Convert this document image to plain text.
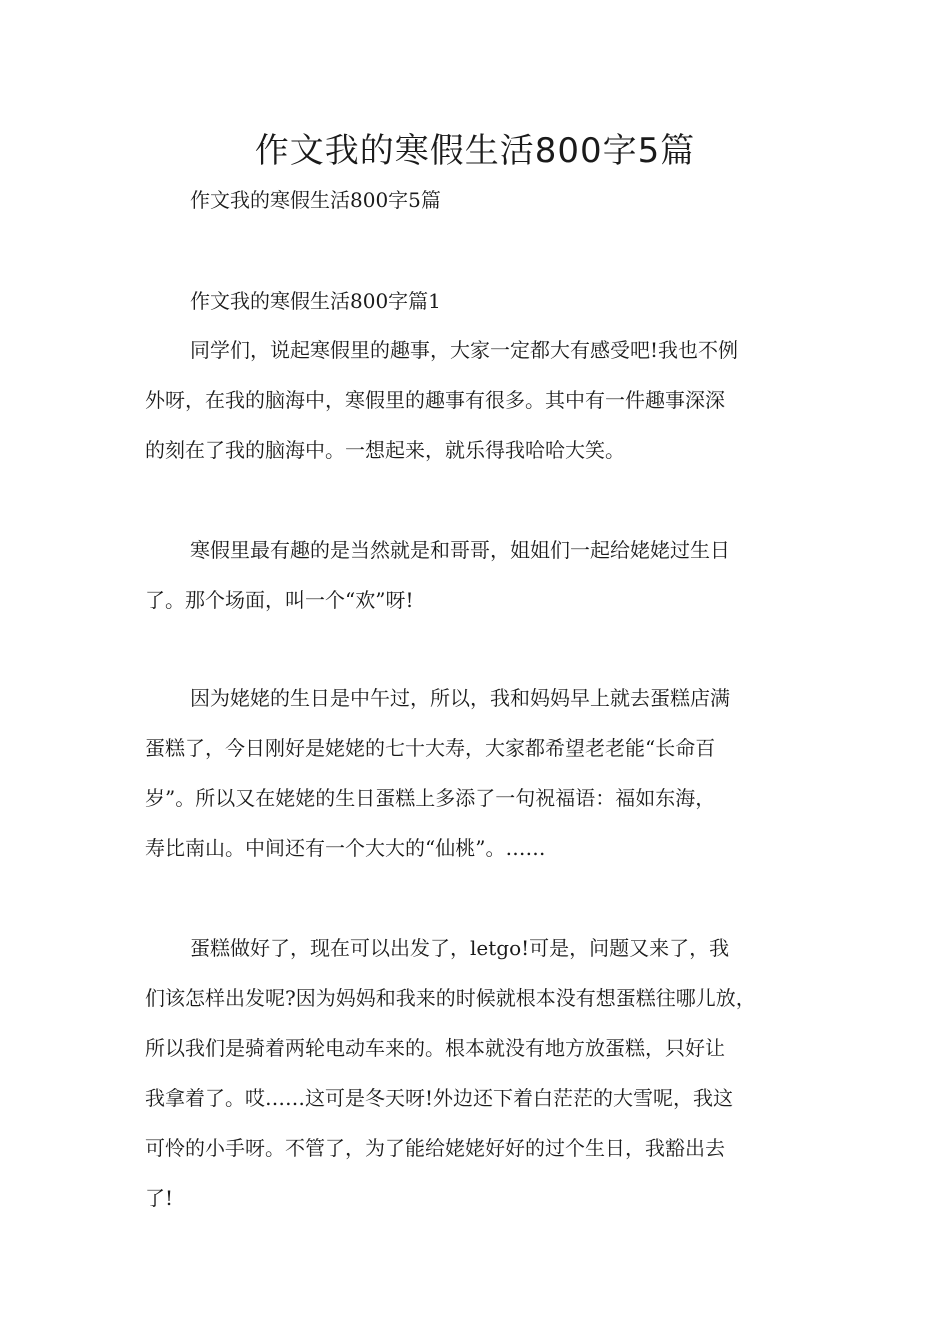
作文我的寒假生活800字5篇

作文我的寒假生活800字5篇

作文我的寒假生活800字篇1

同学们，说起寒假里的趣事，大家一定都大有感受吧!我也不例

外呀，在我的脑海中，寒假里的趣事有很多。其中有一件趣事深深

的刻在了我的脑海中。一想起来，就乐得我哈哈大笑。

寒假里最有趣的是当然就是和哥哥，姐姐们一起给姥姥过生日

了。那个场面，叫一个“欢”呀!

因为姥姥的生日是中午过，所以，我和妈妈早上就去蛋糕店满

蛋糕了，今日刚好是姥姥的七十大寿，大家都希望老老能“长命百

岁”。所以又在姥姥的生日蛋糕上多添了一句祝福语：福如东海，

寿比南山。中间还有一个大大的“仙桃”。……

蛋糕做好了，现在可以出发了，letgo!可是，问题又来了，我

们该怎样出发呢?因为妈妈和我来的时候就根本没有想蛋糕往哪儿放，

所以我们是骑着两轮电动车来的。根本就没有地方放蛋糕，只好让

我拿着了。哎……这可是冬天呀!外边还下着白茫茫的大雪呢，我这

可怜的小手呀。不管了，为了能给姥姥好好的过个生日，我豁出去

了!
